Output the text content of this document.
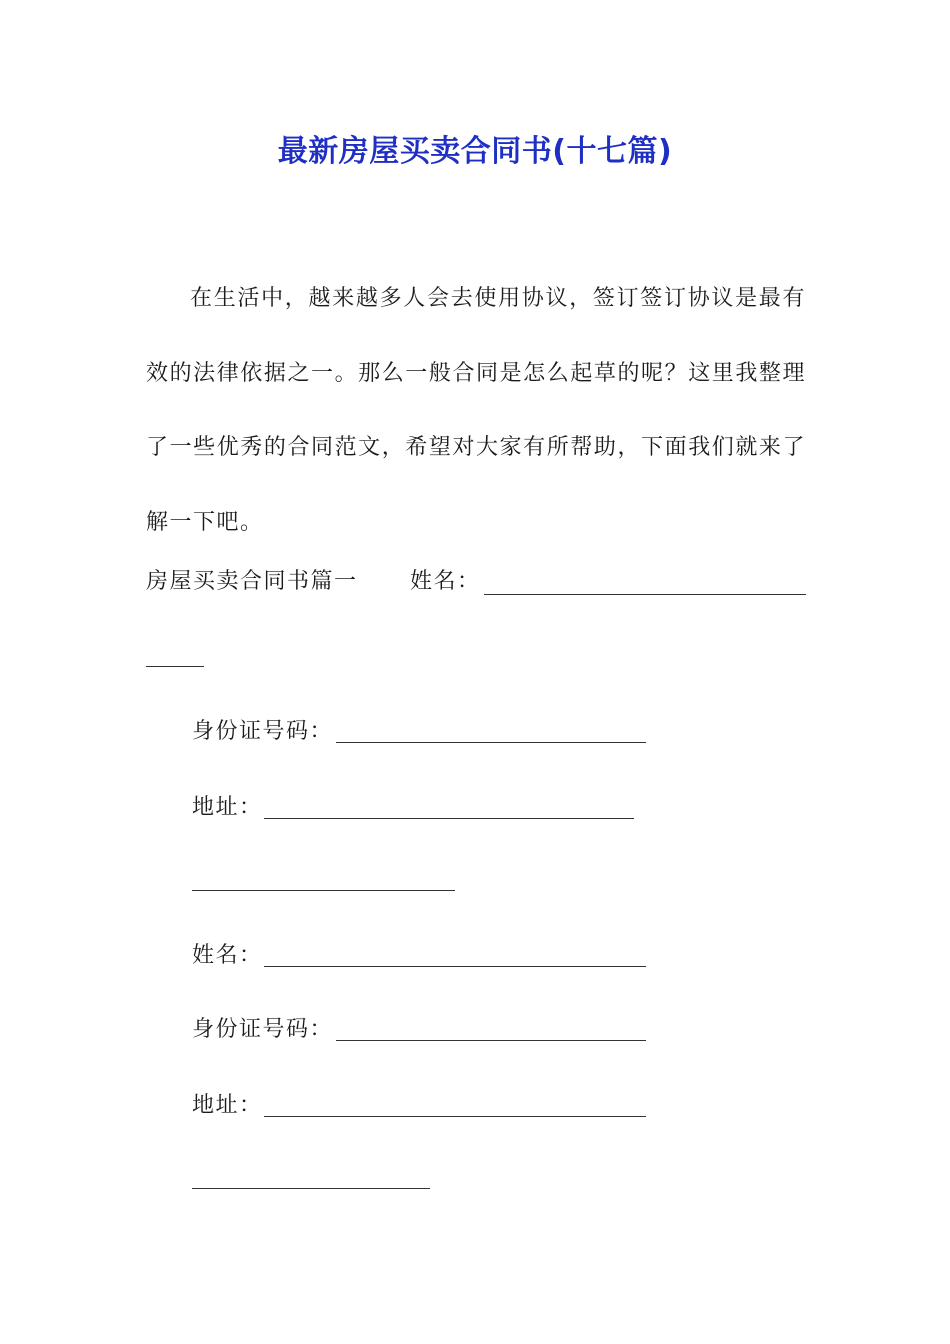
最新房屋买卖合同书(十七篇)

在生活中，越来越多人会去使用协议，签订签订协议是最有效的法律依据之一。那么一般合同是怎么起草的呢？这里我整理了一些优秀的合同范文，希望对大家有所帮助，下面我们就来了解一下吧。

房屋买卖合同书篇一 姓名：
身份证号码：
地址：
姓名：
身份证号码：
地址：
